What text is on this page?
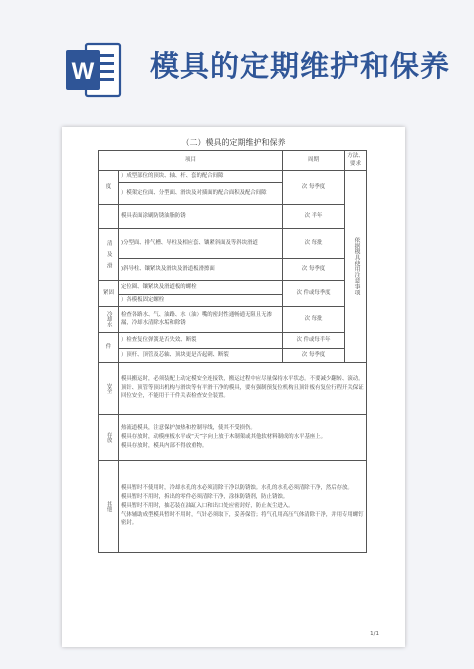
W 模具的定期维护和保养
（二）模具的定期维护和保养
项目		周期	方法、要求
度	）成型部位的顶块、轴、杆、套的配合间隙	次 每季度	依据模具使用注意事项

	）模架定位面、分型面、滑块及对插面的配合面积及配合间隙		
	模具表面涂刷防锈油脂防锈	次 半年	

清 及 滑	)分型面、排气槽、导柱及相应套、镶紧斜面及等斜块滑道	次 每批	
	)斜导柱、镶紧块及滑块及滑道板滑擦面	次 每季度	
紧固	定位圈、镶紧块及滑道板的螺栓	次 件或每季度	
	）各模板固定螺栓		

冷却水	检查各路水、气、油路、水（油）嘴的密封性通畅通无阻且无渗漏，冷却水清除水垢和除锈	次 每批	
件	）检查复位弹簧是否失效、断裂	次 件或每半年	
	）顶杆、顶管及芯轴、顶块更是否起刺、断裂	次 每季度	

安全	模具搬运时，必须装配上动定模安全连接铁，搬运过程中应尽量保持水平状态。不要减少翻转、滚动。
顶针、顶管等顶出机构与滑块等有平滑干净的模具，要有强制预复位机构且顶针板有复位行程开关保证回位安全，不能用于干件关表检查安全装置。		

存放	热流道模具，注意保护加热和控制导线，使其不受损伤。
模具存放时，动模座板水平或“天”字向上放于木制架或其他软材料制成的水平基座上。
模具存放时，模具内部不得放重物。		

其他	模具暂时不使用时，冷却水孔的水必须清除干净以防锈蚀。水孔的水孔必须清除干净，然后存放。
模具暂时不用时，拆出的零件必须清除干净，涂抹防锈剂，防止锈蚀。
模具暂时不用时，抽芯装在油缸入口和出口处应密封好，防止灰尘进入。
气体辅助成型模具暂时不用时，气针必须取下，妥善保管；将气孔用高压气体清除干净，并用专用螺钉密封。		
1/1
